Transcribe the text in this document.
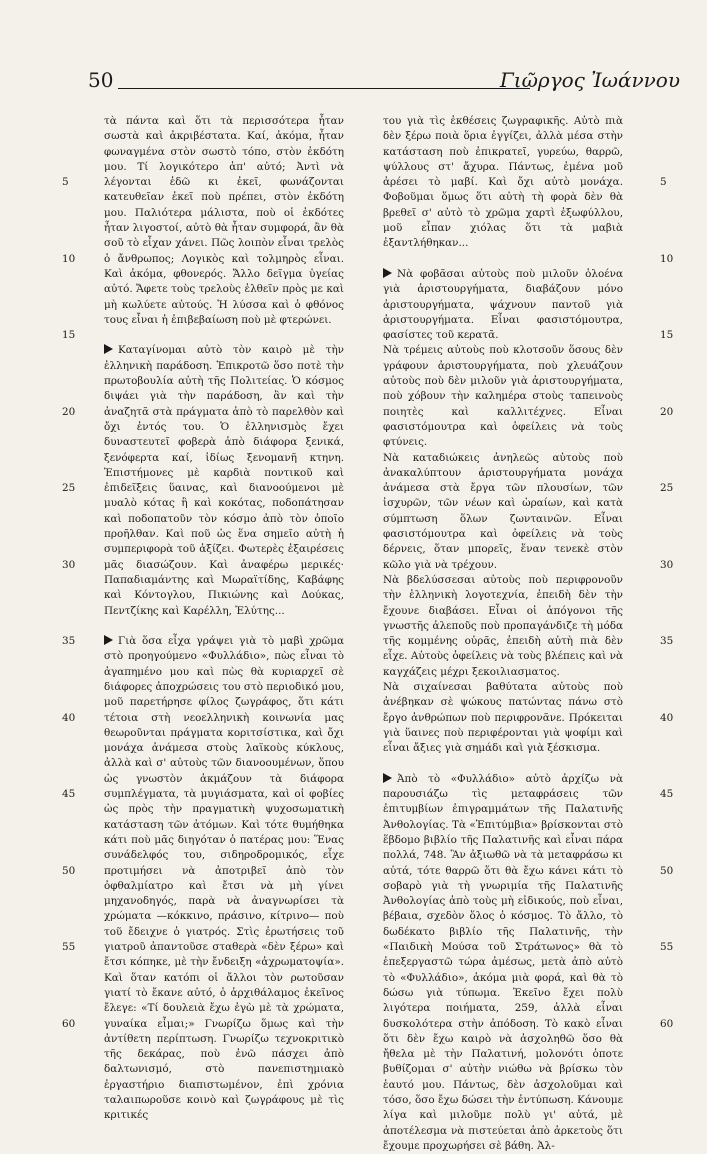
50	Γιῶργος Ἰωάννου
5
10
15
20
25
30
35
40
45
50
55
60
5
10
15
20
25
30
35
40
45
50
55
60

τὰ πάντα καὶ ὅτι τὰ περισσότερα ἦταν σωστὰ καὶ ἀκριβέστατα. Καί, ἀκόμα, ἦταν φωναγμένα στὸν σωστὸ τόπο, στὸν ἐκδότη μου. Τί λογικότερο ἀπ' αὐτό; Ἀντὶ νὰ λέγονται ἐδῶ κι ἐκεῖ, φωνάζονται κατευθεῖαν ἐκεῖ ποὺ πρέπει, στὸν ἐκδότη μου. Παλιότερα μάλιστα, ποὺ οἱ ἐκδότες ἦταν λιγοστοί, αὐτὸ θὰ ἦταν συμφορά, ἂν θὰ σοῦ τὸ εἶχαν χάνει. Πῶς λοιπὸν εἶναι τρελὸς ὁ ἄνθρωπος; Λογικὸς καὶ τολμηρὸς εἶναι. Καὶ ἀκόμα, φθονερός. Ἄλλο δεῖγμα ὑγείας αὐτό. Ἄφετε τοὺς τρελοὺς ἐλθεῖν πρὸς με καὶ μὴ κωλύετε αὐτούς. Ἡ λύσσα καὶ ὁ φθόνος τους εἶναι ἡ ἐπιβεβαίωση ποὺ μὲ φτερώνει.

Καταγίνομαι αὐτὸ τὸν καιρὸ μὲ τὴν ἑλληνικὴ παράδοση. Ἐπικροτῶ ὅσο ποτὲ τὴν πρωτοβουλία αὐτὴ τῆς Πολιτείας. Ὁ κόσμος διψάει γιὰ τὴν παράδοση, ἂν καὶ τὴν ἀναζητᾶ στὰ πράγματα ἀπὸ τὸ παρελθὸν καὶ ὄχι ἐντός του. Ὁ ἑλληνισμὸς ἔχει δυναστευτεῖ φοβερὰ ἀπὸ διάφορα ξενικά, ξενόφερτα καί, ἰδίως ξενομανῆ κτηνη. Ἐπιστήμονες μὲ καρδιὰ ποντικοῦ καὶ ἐπιδεῖξεις ὕαινας, καὶ διανοούμενοι μὲ μυαλὸ κότας ἢ καὶ κοκότας, ποδοπάτησαν καὶ ποδοπατοῦν τὸν κόσμο ἀπὸ τὸν ὁποῖο προῆλθαν. Καὶ ποῦ ὡς ἕνα σημεῖο αὐτὴ ἡ συμπεριφορὰ τοῦ ἀξίζει. Φωτερὲς ἐξαιρέσεις μᾶς διασώζουν. Καὶ ἀναφέρω μερικές· Παπαδιαμάντης καὶ Μωραϊτίδης, Καβάφης καὶ Κόντογλου, Πικιώνης καὶ Δούκας, Πεντζίκης καὶ Καρέλλη, Ἐλύτης...

Γιὰ ὅσα εἶχα γράψει γιὰ τὸ μαβὶ χρῶμα στὸ προηγούμενο «Φυλλάδιο», πὼς εἶναι τὸ ἀγαπημένο μου καὶ πὼς θὰ κυριαρχεῖ σὲ διάφορες ἀποχρώσεις του στὸ περιοδικό μου, μοῦ παρετήρησε φίλος ζωγράφος, ὅτι κάτι τέτοια στὴ νεοελληνικὴ κοινωνία μας θεωροῦνται πράγματα κοριτσίστικα, καὶ ὄχι μονάχα ἀνάμεσα στοὺς λαϊκοὺς κύκλους, ἀλλὰ καὶ σ' αὐτοὺς τῶν διανοουμένων, ὅπου ὡς γνωστὸν ἀκμάζουν τὰ διάφορα συμπλέγματα, τὰ μυγιάσματα, καὶ οἱ φοβίες ὡς πρὸς τὴν πραγματικὴ ψυχοσωματικὴ κατάσταση τῶν ἀτόμων. Καὶ τότε θυμήθηκα κάτι ποὺ μᾶς διηγόταν ὁ πατέρας μου: Ἕνας συνάδελφός του, σιδηροδρομικός, εἶχε προτιμήσει νὰ ἀποτριβεῖ ἀπὸ τὸν ὀφθαλμίατρο καὶ ἔτσι νὰ μὴ γίνει μηχανοδηγός, παρὰ νὰ ἀναγνωρίσει τὰ χρώματα —κόκκινο, πράσινο, κίτρινο— ποὺ τοῦ ἔδειχνε ὁ γιατρός. Στὶς ἐρωτήσεις τοῦ γιατροῦ ἀπαντοῦσε σταθερὰ «δὲν ξέρω» καὶ ἔτσι κόπηκε, μὲ τὴν ἔνδειξη «ἀχρωματοψία». Καὶ ὅταν κατόπι οἱ ἄλλοι τὸν ρωτοῦσαν γιατί τὸ ἔκανε αὐτό, ὁ ἀρχιθάλαμος ἐκεῖνος ἔλεγε: «Τί δουλειὰ ἔχω ἐγὼ μὲ τὰ χρώματα, γυναίκα εἶμαι;» Γνωρίζω ὅμως καὶ τὴν ἀντίθετη περίπτωση. Γνωρίζω τεχνοκριτικὸ τῆς δεκάρας, ποὺ ἐνῶ πάσχει ἀπὸ δαλτωνισμό, στὸ πανεπιστημιακὸ ἐργαστήριο διαπιστωμένον, ἐπὶ χρόνια ταλαιπωροῦσε κοινὸ καὶ ζωγράφους μὲ τὶς κριτικές

του γιὰ τὶς ἐκθέσεις ζωγραφικῆς. Αὐτὸ πιὰ δὲν ξέρω ποιὰ ὅρια ἐγγίζει, ἀλλὰ μέσα στὴν κατάσταση ποὺ ἐπικρατεῖ, γυρεύω, θαρρῶ, ψύλλους στ' ἄχυρα. Πάντως, ἐμένα μοῦ ἀρέσει τὸ μαβί. Καὶ ὄχι αὐτὸ μονάχα. Φοβοῦμαι ὅμως ὅτι αὐτὴ τὴ φορὰ δὲν θὰ βρεθεῖ σ' αὐτὸ τὸ χρῶμα χαρτὶ ἐξωφύλλου, μοῦ εἶπαν χιόλας ὅτι τὰ μαβιὰ ἐξαντλήθηκαν...

Νὰ φοβᾶσαι αὐτοὺς ποὺ μιλοῦν ὁλοένα γιὰ ἀριστουργήματα, διαβάζουν μόνο ἀριστουργήματα, ψάχνουν παντοῦ γιὰ ἀριστουργήματα. Εἶναι φασιστόμουτρα, φασίστες τοῦ κερατᾶ.

Νὰ τρέμεις αὐτοὺς ποὺ κλοτσοῦν ὅσους δὲν γράφουν ἀριστουργήματα, ποὺ χλευάζουν αὐτοὺς ποὺ δὲν μιλοῦν γιὰ ἀριστουργήματα, ποὺ χόβουν τὴν καλημέρα στοὺς ταπεινοὺς ποιητὲς καὶ καλλιτέχνες. Εἶναι φασιστόμουτρα καὶ ὀφείλεις νὰ τοὺς φτύνεις.

Νὰ καταδιώκεις ἀνηλεῶς αὐτοὺς ποὺ ἀνακαλύπτουν ἀριστουργήματα μονάχα ἀνάμεσα στὰ ἔργα τῶν πλουσίων, τῶν ἰσχυρῶν, τῶν νέων καὶ ὡραίων, καὶ κατὰ σύμπτωση ὅλων ζωνταινῶν. Εἶναι φασιστόμουτρα καὶ ὀφείλεις νὰ τοὺς δέρνεις, ὅταν μπορεῖς, ἕναν τενεκὲ στὸν κῶλο γιὰ νὰ τρέχουν.

Νὰ βδελύσσεσαι αὐτοὺς ποὺ περιφρονοῦν τὴν ἑλληνικὴ λογοτεχνία, ἐπειδὴ δὲν τὴν ἔχουνε διαβάσει. Εἶναι οἱ ἀπόγονοι τῆς γνωστῆς ἀλεποῦς ποὺ προπαγάνδιζε τὴ μόδα τῆς κομμένης οὐρᾶς, ἐπειδὴ αὐτὴ πιὰ δὲν εἶχε. Αὐτοὺς ὀφείλεις νὰ τοὺς βλέπεις καὶ νὰ καγχάζεις μέχρι ξεκοιλιασματος.

Νὰ σιχαίνεσαι βαθύτατα αὐτοὺς ποὺ ἀνέβηκαν σὲ ψώκους πατώντας πάνω στὸ ἔργο ἀνθρώπων ποὺ περιφρονᾶνε. Πρόκειται γιὰ ὕαινες ποὺ περιφέρονται γιὰ ψοφίμι καὶ εἶναι ἄξιες γιὰ σημάδι καὶ γιὰ ξέσκισμα.

Ἀπὸ τὸ «Φυλλάδιο» αὐτὸ ἀρχίζω νὰ παρουσιάζω τὶς μεταφράσεις τῶν ἐπιτυμβίων ἐπιγραμμάτων τῆς Παλατινῆς Ἀνθολογίας. Τὰ «Ἐπιτύμβια» βρίσκονται στὸ ἕβδομο βιβλίο τῆς Παλατινῆς καὶ εἶναι πάρα πολλά, 748. Ἂν ἀξιωθῶ νὰ τὰ μεταφράσω κι αὐτά, τότε θαρρῶ ὅτι θὰ ἔχω κάνει κάτι τὸ σοβαρὸ γιὰ τὴ γνωριμία τῆς Παλατινῆς Ἀνθολογίας ἀπὸ τοὺς μὴ εἰδικούς, ποὺ εἶναι, βέβαια, σχεδὸν ὅλος ὁ κόσμος. Τὸ ἄλλο, τὸ δωδέκατο βιβλίο τῆς Παλατινῆς, τὴν «Παιδικὴ Μούσα τοῦ Στράτωνος» θὰ τὸ ἐπεξεργαστῶ τώρα ἀμέσως, μετὰ ἀπὸ αὐτὸ τὸ «Φυλλάδιο», ἀκόμα μιὰ φορά, καὶ θὰ τὸ δώσω γιὰ τύπωμα. Ἐκεῖνο ἔχει πολὺ λιγότερα ποιήματα, 259, ἀλλὰ εἶναι δυσκολότερα στὴν ἀπόδοση. Τὸ κακὸ εἶναι ὅτι δὲν ἔχω καιρὸ νὰ ἀσχοληθῶ ὅσο θὰ ἤθελα μὲ τὴν Παλατινή, μολονότι ὁποτε βυθίζομαι σ' αὐτὴν νιώθω νὰ βρίσκω τὸν ἑαυτό μου. Πάντως, δὲν ἀσχολοῦμαι καὶ τόσο, ὅσο ἔχω δώσει τὴν ἐντύπωση. Κάνουμε λίγα καὶ μιλοῦμε πολὺ γι' αὐτά, μὲ ἀποτέλεσμα νὰ πιστεύεται ἀπὸ ἀρκετοὺς ὅτι ἔχουμε προχωρήσει σὲ βάθη. Ἀλ-
